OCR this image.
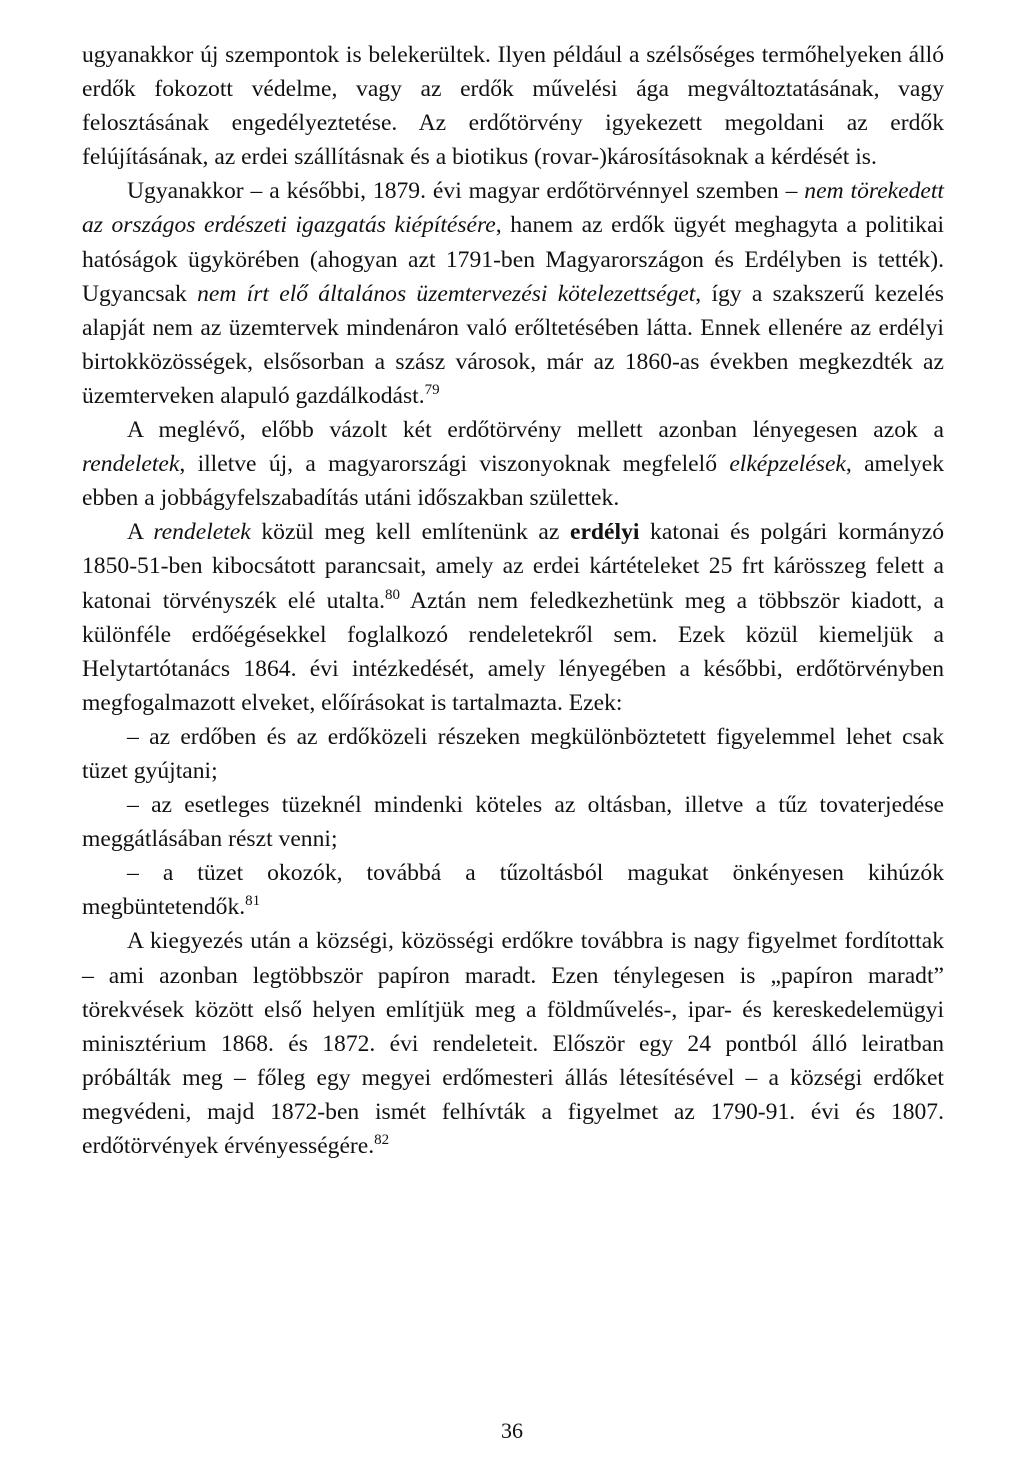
ugyanakkor új szempontok is belekerültek. Ilyen például a szélsőséges termőhelyeken álló erdők fokozott védelme, vagy az erdők művelési ága megváltoztatásának, vagy felosztásának engedélyeztetése. Az erdőtörvény igyekezett megoldani az erdők felújításának, az erdei szállításnak és a biotikus (rovar-)károsításoknak a kérdését is.

Ugyanakkor – a későbbi, 1879. évi magyar erdőtörvénnyel szemben – nem törekedett az országos erdészeti igazgatás kiépítésére, hanem az erdők ügyét meghagyta a politikai hatóságok ügykörében (ahogyan azt 1791-ben Magyarországon és Erdélyben is tették). Ugyancsak nem írt elő általános üzemtervezési kötelezettséget, így a szakszerű kezelés alapját nem az üzemtervek mindenáron való erőltetésében látta. Ennek ellenére az erdélyi birtokközösségek, elsősorban a szász városok, már az 1860-as években megkezdték az üzemterveken alapuló gazdálkodást.$^{79}$

A meglévő, előbb vázolt két erdőtörvény mellett azonban lényegesen azok a rendeletek, illetve új, a magyarországi viszonyoknak megfelelő elképzelések, amelyek ebben a jobbágyfelszabadítás utáni időszakban születtek.

A rendeletek közül meg kell említenünk az erdélyi katonai és polgári kormányzó 1850-51-ben kibocsátott parancsait, amely az erdei kártételeket 25 frt kárösszeg felett a katonai törvényszék elé utalta.$^{80}$ Aztán nem feledkezhetünk meg a többször kiadott, a különféle erdőégésekkel foglalkozó rendeletekről sem. Ezek közül kiemeljük a Helytartótanács 1864. évi intézkedését, amely lényegében a későbbi, erdőtörvényben megfogalmazott elveket, előírásokat is tartalmazta. Ezek:

– az erdőben és az erdőközeli részeken megkülönböztetett figyelemmel lehet csak tüzet gyújtani;

– az esetleges tüzeknél mindenki köteles az oltásban, illetve a tűz tovaterjedése meggátlásában részt venni;

– a tüzet okozók, továbbá a tűzoltásból magukat önkényesen kihúzók megbüntetendők.$^{81}$

A kiegyezés után a községi, közösségi erdőkre továbbra is nagy figyelmet fordítottak – ami azonban legtöbbször papíron maradt. Ezen ténylegesen is „papíron maradt” törekvések között első helyen említjük meg a földművelés-, ipar- és kereskedelemügyi minisztérium 1868. és 1872. évi rendeleteit. Először egy 24 pontból álló leiratban próbálták meg – főleg egy megyei erdőmesteri állás létesítésével – a községi erdőket megvédeni, majd 1872-ben ismét felhívták a figyelmet az 1790-91. évi és 1807. erdőtörvények érvényességére.$^{82}$

36
